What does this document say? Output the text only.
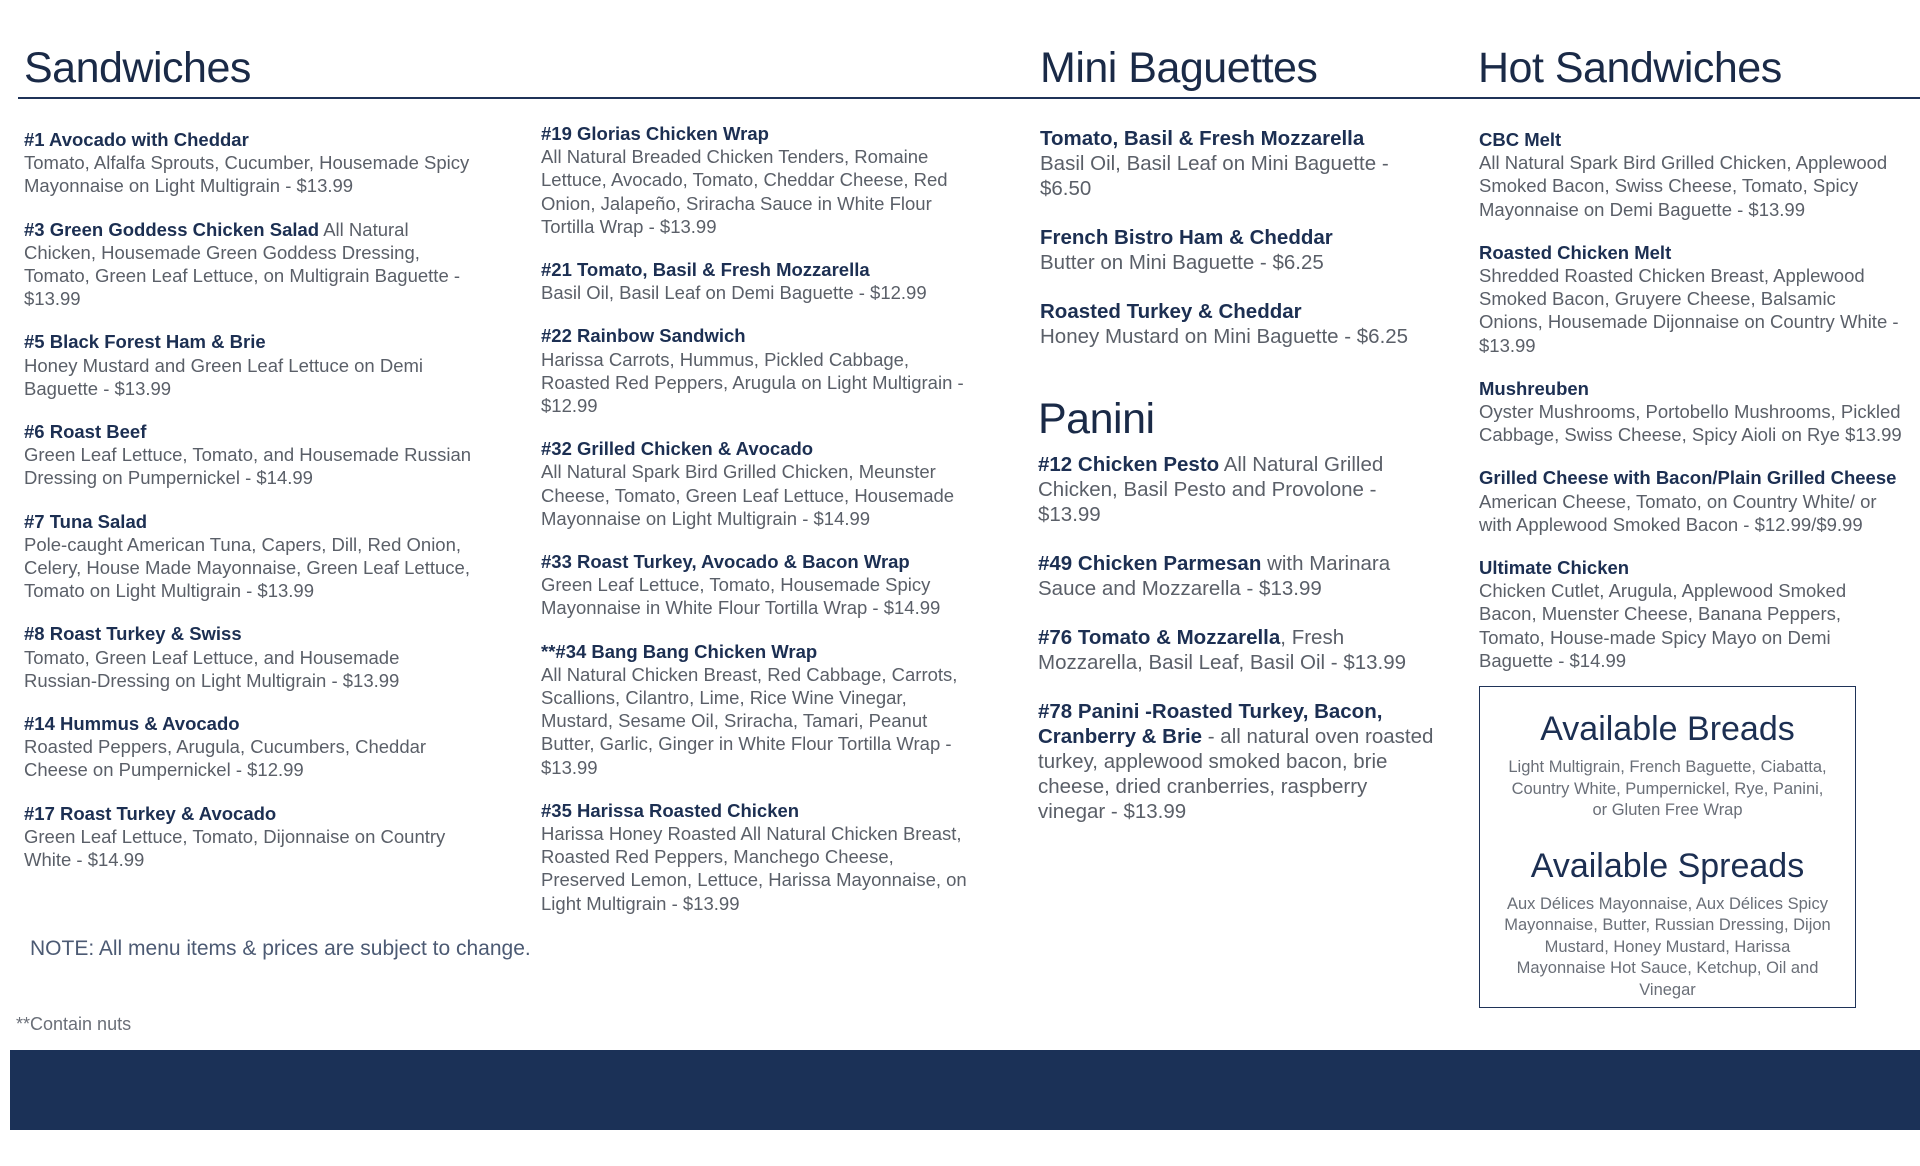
Sandwiches	Mini Baguettes	Hot Sandwiches
#1 Avocado with Cheddar
Tomato, Alfalfa Sprouts, Cucumber, Housemade Spicy Mayonnaise on Light Multigrain - $13.99
#3 Green Goddess Chicken Salad All Natural Chicken, Housemade Green Goddess Dressing, Tomato, Green Leaf Lettuce, on Multigrain Baguette - $13.99
#5 Black Forest Ham & Brie
Honey Mustard and Green Leaf Lettuce on Demi Baguette - $13.99
#6 Roast Beef
Green Leaf Lettuce, Tomato, and Housemade Russian Dressing on Pumpernickel - $14.99
#7 Tuna Salad
Pole-caught American Tuna, Capers, Dill, Red Onion, Celery, House Made Mayonnaise, Green Leaf Lettuce, Tomato on Light Multigrain - $13.99
#8 Roast Turkey & Swiss
Tomato, Green Leaf Lettuce, and Housemade Russian-Dressing on Light Multigrain - $13.99
#14 Hummus & Avocado
Roasted Peppers, Arugula, Cucumbers, Cheddar Cheese on Pumpernickel - $12.99
#17 Roast Turkey & Avocado
Green Leaf Lettuce, Tomato, Dijonnaise on Country White - $14.99
#19 Glorias Chicken Wrap
All Natural Breaded Chicken Tenders, Romaine Lettuce, Avocado, Tomato, Cheddar Cheese, Red Onion, Jalapeño, Sriracha Sauce in White Flour Tortilla Wrap - $13.99
#21 Tomato, Basil & Fresh Mozzarella
Basil Oil, Basil Leaf on Demi Baguette - $12.99
#22 Rainbow Sandwich
Harissa Carrots, Hummus, Pickled Cabbage, Roasted Red Peppers, Arugula on Light Multigrain - $12.99
#32 Grilled Chicken & Avocado
All Natural Spark Bird Grilled Chicken, Meunster Cheese, Tomato, Green Leaf Lettuce, Housemade Mayonnaise on Light Multigrain - $14.99
#33 Roast Turkey, Avocado & Bacon Wrap
Green Leaf Lettuce, Tomato, Housemade Spicy Mayonnaise in White Flour Tortilla Wrap - $14.99
**#34 Bang Bang Chicken Wrap
All Natural Chicken Breast, Red Cabbage, Carrots, Scallions, Cilantro, Lime, Rice Wine Vinegar, Mustard, Sesame Oil, Sriracha, Tamari, Peanut Butter, Garlic, Ginger in White Flour Tortilla Wrap - $13.99
#35 Harissa Roasted Chicken
Harissa Honey Roasted All Natural Chicken Breast, Roasted Red Peppers, Manchego Cheese, Preserved Lemon, Lettuce, Harissa Mayonnaise, on Light Multigrain - $13.99
Tomato, Basil & Fresh Mozzarella
Basil Oil, Basil Leaf on Mini Baguette - $6.50
French Bistro Ham & Cheddar
Butter on Mini Baguette - $6.25
Roasted Turkey & Cheddar
Honey Mustard on Mini Baguette - $6.25
Panini
#12 Chicken Pesto All Natural Grilled Chicken, Basil Pesto and Provolone - $13.99
#49 Chicken Parmesan with Marinara Sauce and Mozzarella - $13.99
#76 Tomato & Mozzarella, Fresh Mozzarella, Basil Leaf, Basil Oil - $13.99
#78 Panini -Roasted Turkey, Bacon, Cranberry & Brie - all natural oven roasted turkey, applewood smoked bacon, brie cheese, dried cranberries, raspberry vinegar - $13.99
CBC Melt
All Natural Spark Bird Grilled Chicken, Applewood Smoked Bacon, Swiss Cheese, Tomato, Spicy Mayonnaise on Demi Baguette - $13.99
Roasted Chicken Melt
Shredded Roasted Chicken Breast, Applewood Smoked Bacon, Gruyere Cheese, Balsamic Onions, Housemade Dijonnaise on Country White - $13.99
Mushreuben
Oyster Mushrooms, Portobello Mushrooms, Pickled Cabbage, Swiss Cheese, Spicy Aioli on Rye $13.99
Grilled Cheese with Bacon/Plain Grilled Cheese
American Cheese, Tomato, on Country White/ or with Applewood Smoked Bacon - $12.99/$9.99
Ultimate Chicken
Chicken Cutlet, Arugula, Applewood Smoked Bacon, Muenster Cheese, Banana Peppers, Tomato, House-made Spicy Mayo on Demi Baguette - $14.99
Available Breads

Light Multigrain, French Baguette, Ciabatta, Country White, Pumpernickel, Rye, Panini, or Gluten Free Wrap

Available Spreads

Aux Délices Mayonnaise, Aux Délices Spicy Mayonnaise, Butter, Russian Dressing, Dijon Mustard, Honey Mustard, Harissa Mayonnaise Hot Sauce, Ketchup, Oil and Vinegar

NOTE: All menu items & prices are subject to change.
**Contain nuts
